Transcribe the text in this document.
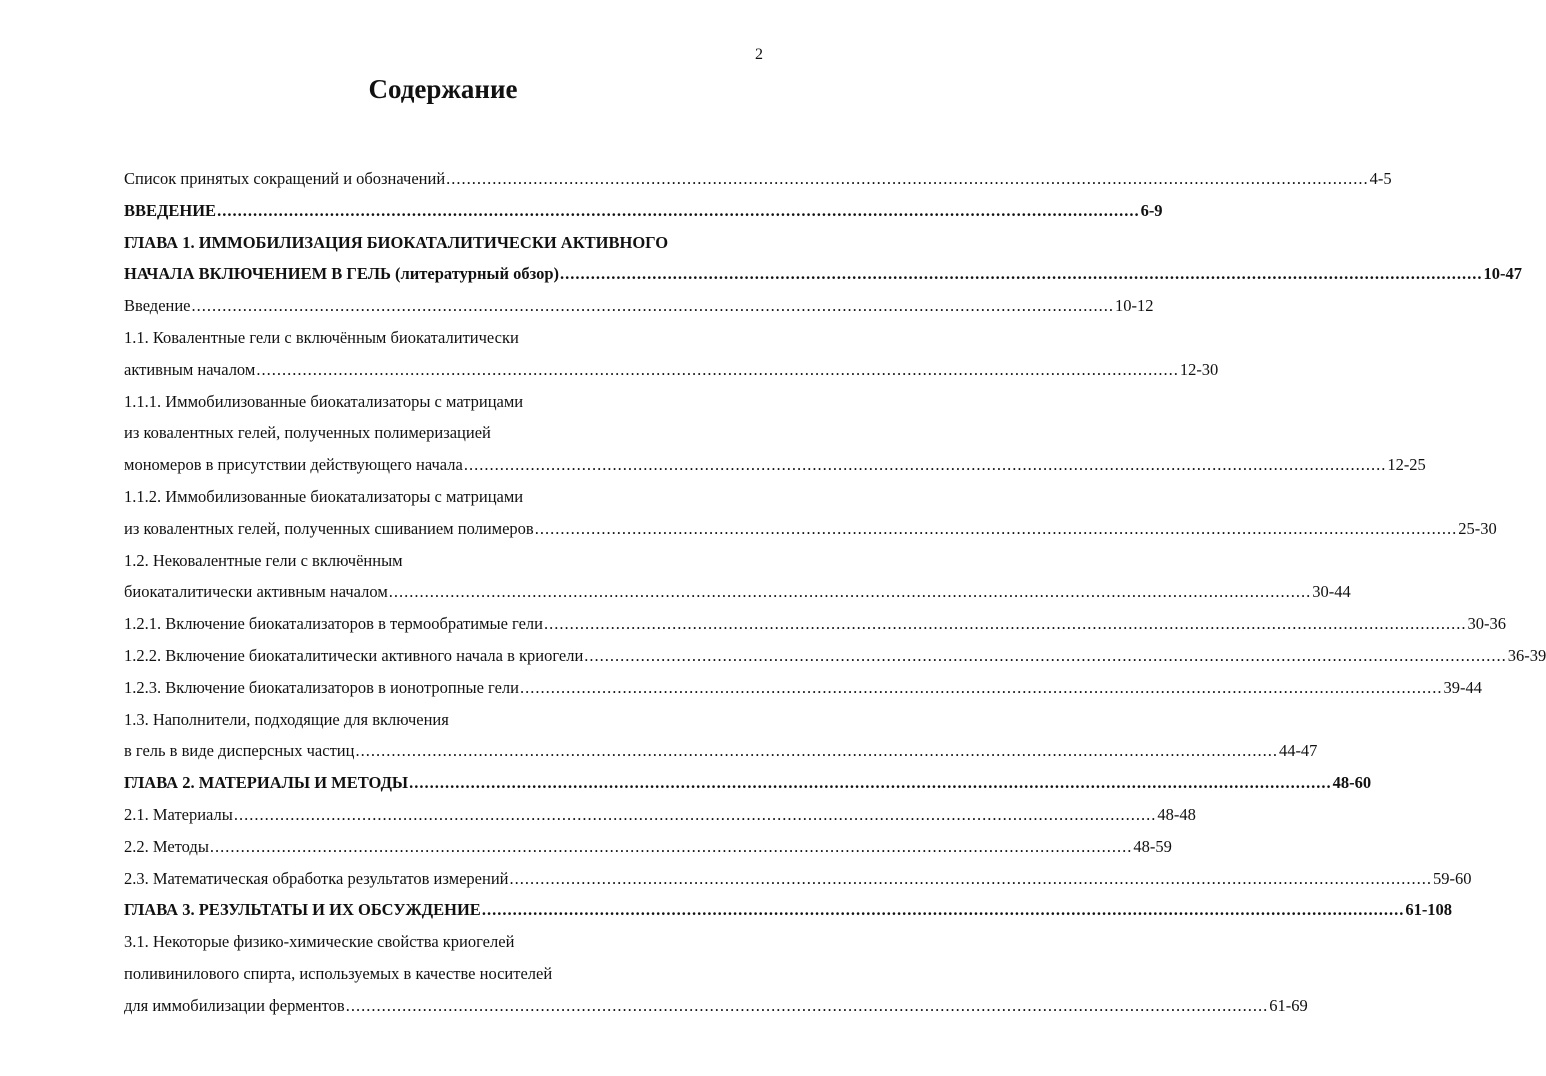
2
Содержание
Список принятых сокращений и обозначений .................................................................................................................................................................................... 4-5
ВВЕДЕНИЕ .................................................................................................................................................................................... 6-9
ГЛАВА 1. ИММОБИЛИЗАЦИЯ БИОКАТАЛИТИЧЕСКИ АКТИВНОГО
НАЧАЛА ВКЛЮЧЕНИЕМ В ГЕЛЬ (литературный обзор) .................................................................................................................................................................................... 10-47
Введение .................................................................................................................................................................................... 10-12
1.1. Ковалентные гели с включённым биокаталитически
активным началом .................................................................................................................................................................................... 12-30
1.1.1. Иммобилизованные биокатализаторы с матрицами
из ковалентных гелей, полученных полимеризацией
мономеров в присутствии действующего начала .................................................................................................................................................................................... 12-25
1.1.2. Иммобилизованные биокатализаторы с матрицами
из ковалентных гелей, полученных сшиванием полимеров .................................................................................................................................................................................... 25-30
1.2. Нековалентные гели с включённым
биокаталитически активным началом .................................................................................................................................................................................... 30-44
1.2.1. Включение биокатализаторов в термообратимые гели .................................................................................................................................................................................... 30-36
1.2.2. Включение биокаталитически активного начала в криогели .................................................................................................................................................................................... 36-39
1.2.3. Включение биокатализаторов в ионотропные гели .................................................................................................................................................................................... 39-44
1.3. Наполнители, подходящие для включения
в гель в виде дисперсных частиц .................................................................................................................................................................................... 44-47
ГЛАВА 2. МАТЕРИАЛЫ И МЕТОДЫ .................................................................................................................................................................................... 48-60
2.1. Материалы .................................................................................................................................................................................... 48-48
2.2. Методы .................................................................................................................................................................................... 48-59
2.3. Математическая обработка результатов измерений .................................................................................................................................................................................... 59-60
ГЛАВА 3. РЕЗУЛЬТАТЫ И ИХ ОБСУЖДЕНИЕ .................................................................................................................................................................................... 61-108
3.1. Некоторые физико-химические свойства криогелей
поливинилового спирта, используемых в качестве носителей
для иммобилизации ферментов .................................................................................................................................................................................... 61-69
